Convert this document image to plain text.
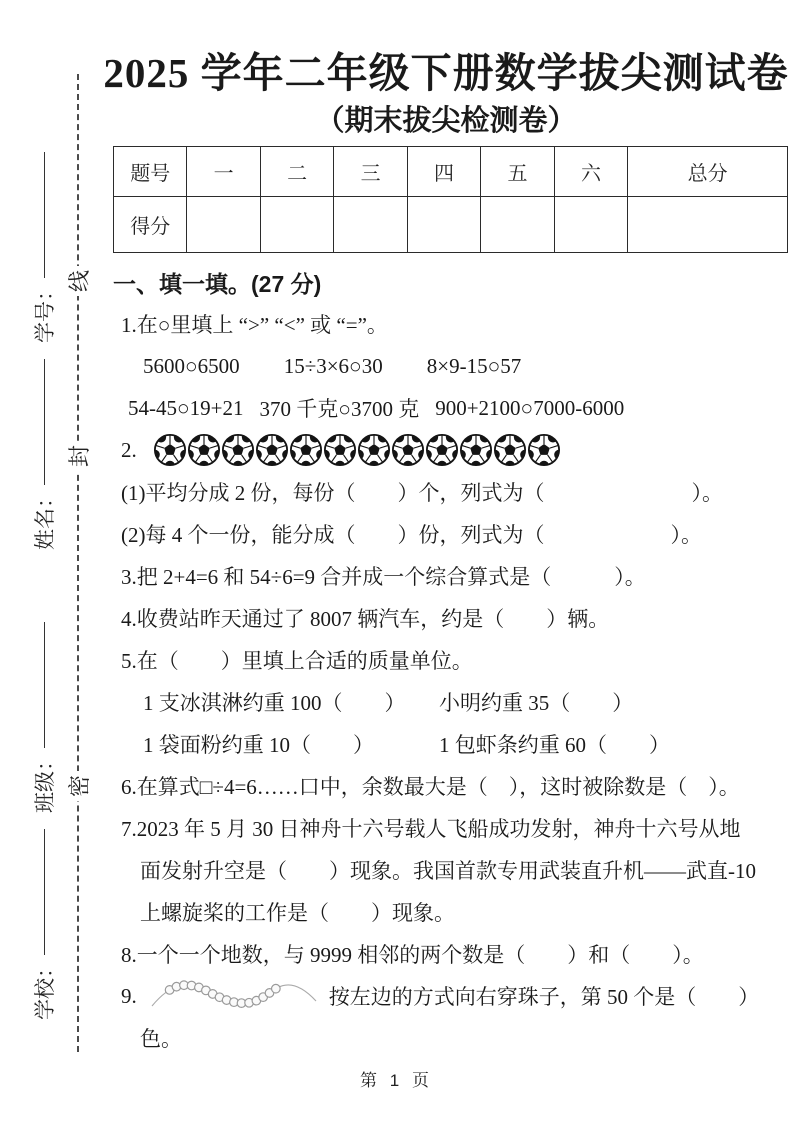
学校：
班级：
姓名：
学号： 线
封
密
2025 学年二年级下册数学拔尖测试卷
（期末拔尖检测卷）
题号	一	二	三	四	五	六	总分
得分							
一、填一填。(27 分)
1.在○里填上 “>” “<” 或 “=”。
5600○6500 15÷3×6○30 8×9-15○57
54-45○19+21 370 千克○3700 克 900+2100○7000-6000
2.
(1)平均分成 2 份，每份（　　）个，列式为（　　　　　　　）。
(2)每 4 个一份，能分成（　　）份，列式为（　　　　　　）。
3.把 2+4=6 和 54÷6=9 合并成一个综合算式是（　　　）。
4.收费站昨天通过了 8007 辆汽车，约是（　　）辆。
5.在（　　）里填上合适的质量单位。
1 支冰淇淋约重 100（　　）	小明约重 35（　　）
1 袋面粉约重 10（　　）	1 包虾条约重 60（　　）
6.在算式□÷4=6……口中，余数最大是（　），这时被除数是（　）。
7.2023 年 5 月 30 日神舟十六号载人飞船成功发射，神舟十六号从地
面发射升空是（　　）现象。我国首款专用武装直升机——武直-10
上螺旋桨的工作是（　　）现象。
8.一个一个地数，与 9999 相邻的两个数是（　　）和（　　）。
9.	按左边的方式向右穿珠子，第 50 个是（　　）
色。
第 1 页
